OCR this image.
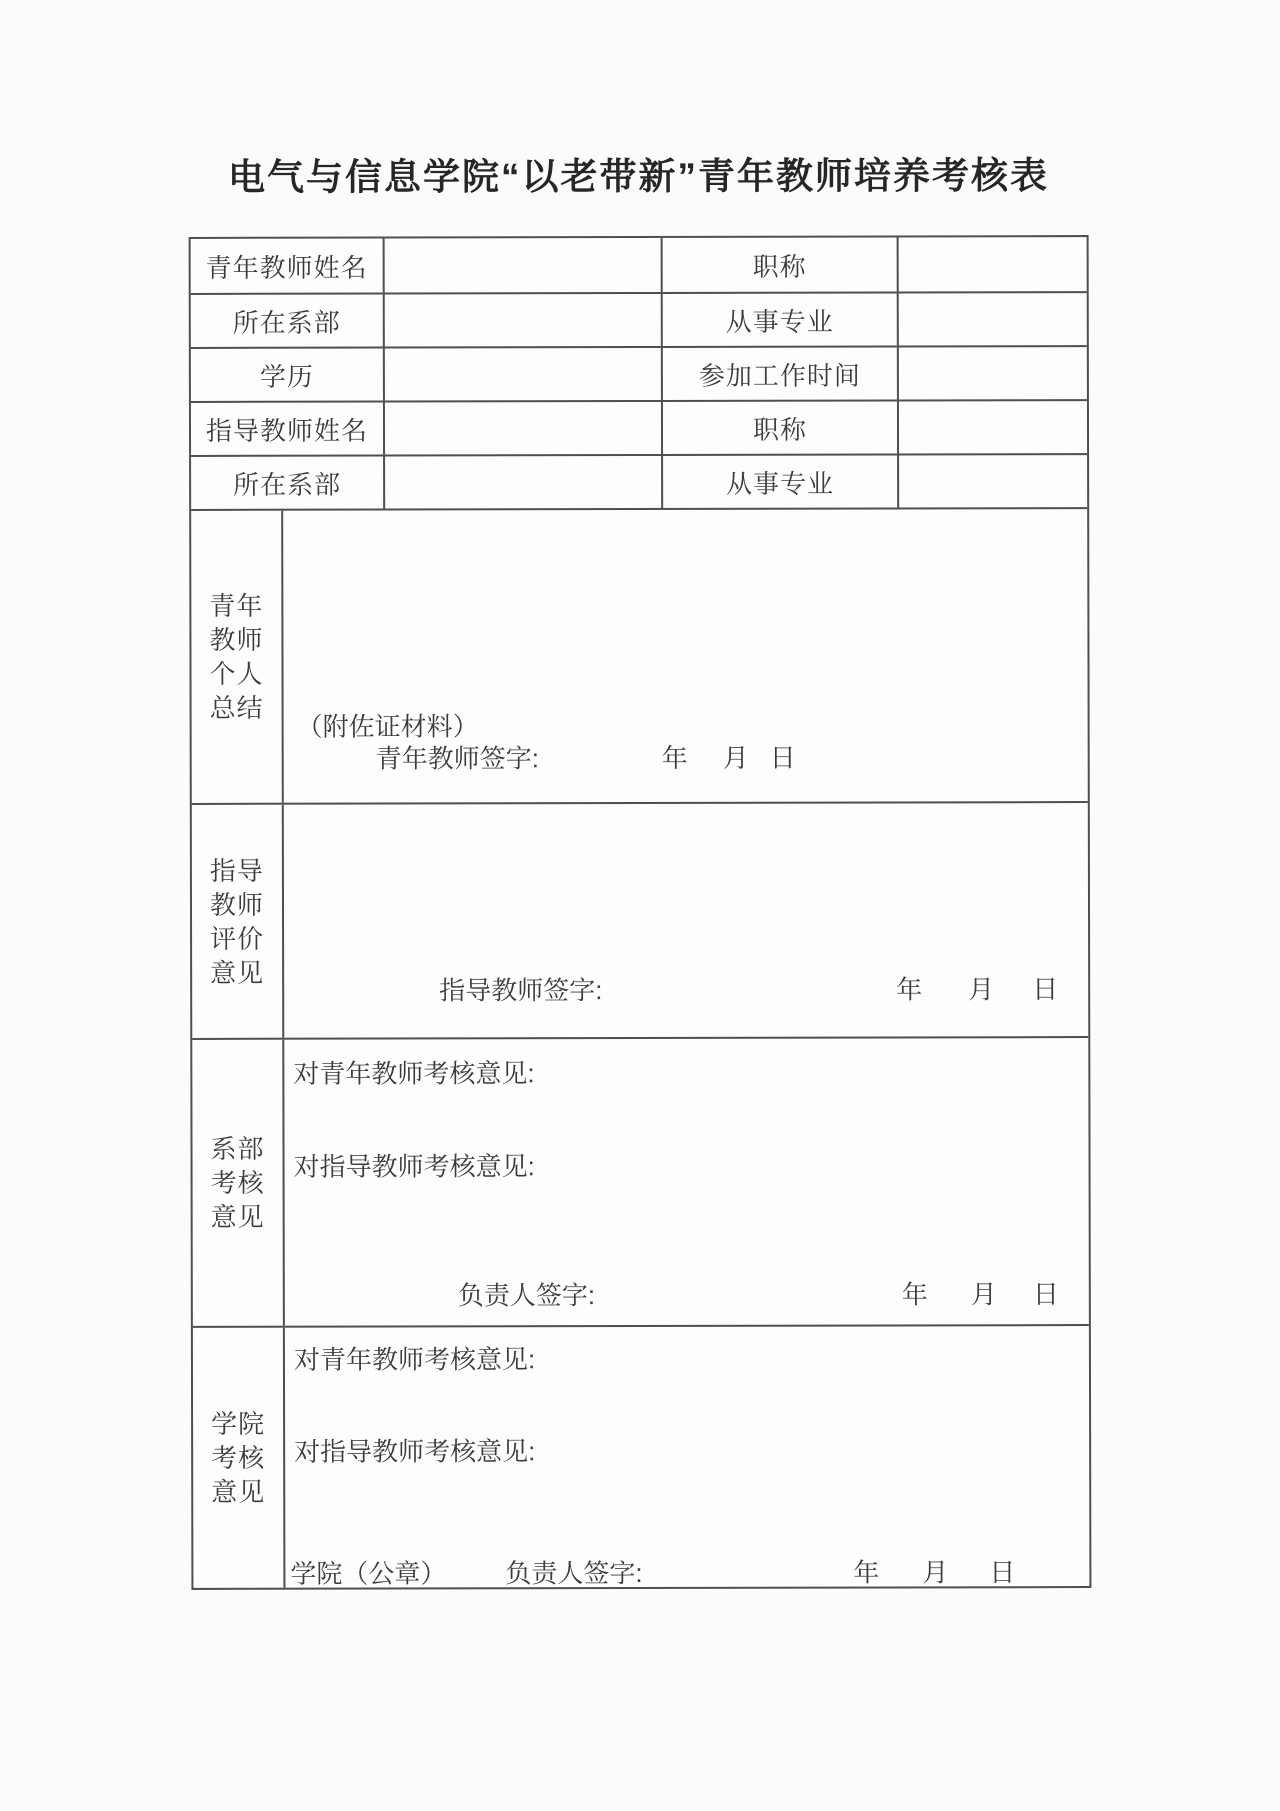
电气与信息学院“以老带新”青年教师培养考核表
青年教师姓名	职称
所在系部	从事专业
学历	参加工作时间
指导教师姓名	职称
所在系部	从事专业
青年
教师
个人
总结
（附佐证材料）
青年教师签字:	年 月 日
指导
教师
评价
意见
指导教师签字:	年 月 日
系部
考核
意见
对青年教师考核意见:
对指导教师考核意见:
负责人签字:	年 月 日
学院
考核
意见
对青年教师考核意见:
对指导教师考核意见:
学院（公章） 负责人签字:	年 月 日
